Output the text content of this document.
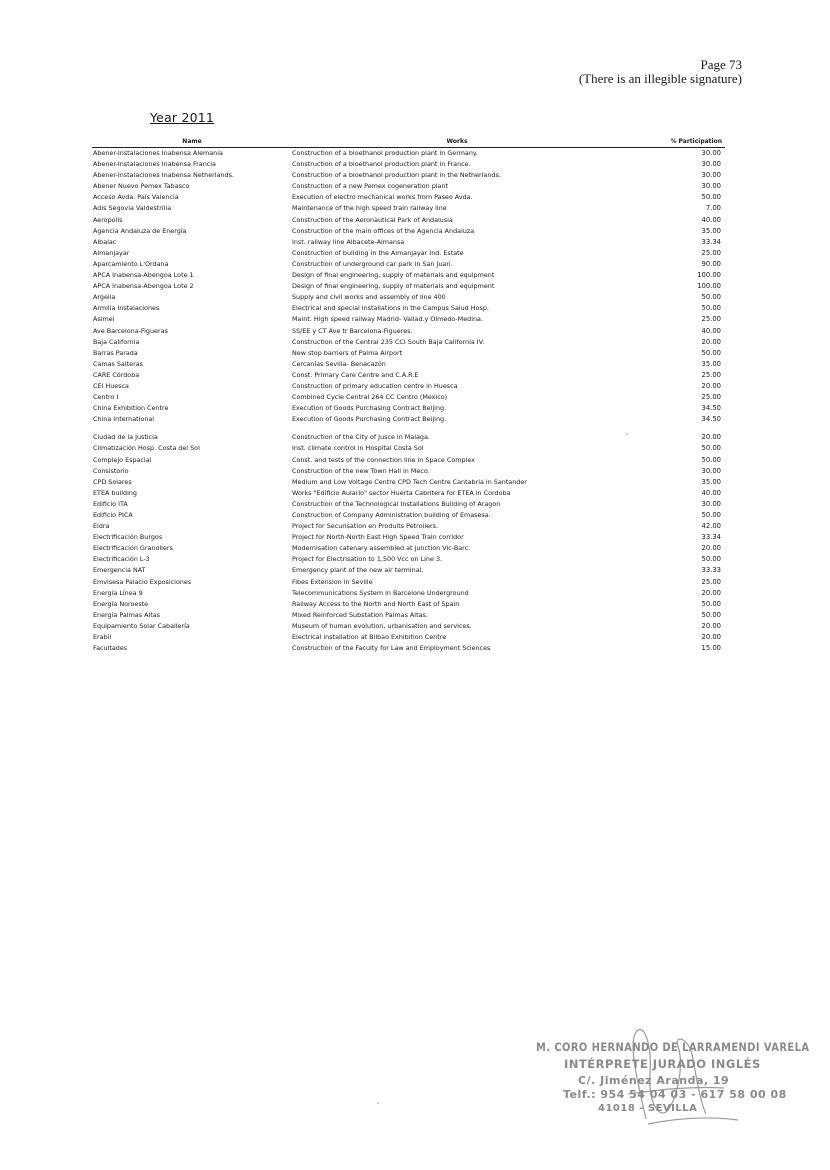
Page 73
(There is an illegible signature)
Year 2011
Name	Works	% Participation
Abener-Instalaciones Inabensa Alemania	Construction of a bioethanol production plant in Germany.	30.00
Abener-Instalaciones Inabensa Francia	Construction of a bioethanol production plant in France.	30.00
Abener-Instalaciones Inabensa Netherlands.	Construction of a bioethanol production plant in the Netherlands.	30.00
Abener Nuevo Pemex Tabasco	Construction of a new Pemex cogeneration plant	30.00
Acceso Avda. País Valencia	Execution of electro mechanical works from Paseo Avda.	50.00
Adis Segovia Valdestrilla	Maintenance of the high speed train railway line	7.00
Aeropolis	Construction of the Aeronautical Park of Andalusia	40.00
Agencia Andaluza de Energía	Construction of the main offices of the Agencia Andaluza	35.00
Albalac	Inst. railway line Albacete-Almansa	33.34
Almanjayar	Construction of building in the Almanjayar Ind. Estate	25.00
Aparcamiento L'Ordana	Construction of underground car park in San Juan.	90.00
APCA Inabensa-Abengoa Lote 1	Design of final engineering, supply of materials and equipment	100.00
APCA Inabensa-Abengoa Lote 2	Design of final engineering, supply of materials and equipment	100.00
Argelia	Supply and civil works and assembly of line 400	50.00
Armilla Instalaciones	Electrical and special installations in the Campus Salud Hosp.	50.00
Asimel	Maint. High speed railway Madrid- Vallad.y Olmedo-Medina.	25.00
Ave Barcelona-Figueras	SS/EE y CT Ave tr Barcelona-Figueres.	40.00
Baja California	Construction of the Central 235 CCI South Baja California IV.	20.00
Barras Parada	New stop barriers of Palma Airport	50.00
Camas Salteras	Cercanías Sevilla- Benacazón	35.00
CARE Córdoba	Const. Primary Care Centre and C.A.R.E	25.00
CEI Huesca	Construction of primary education centre in Huesca	20.00
Centro I	Combined Cycle Central 264 CC Centro (Mexico)	25.00
China Exhibition Centre	Execution of Goods Purchasing Contract Beijing.	34.50
China International	Execution of Goods Purchasing Contract Beijing.	34.50

Ciudad de la Justicia	Construction of the City of Jusce in Malaga.	20.00
Climatización Hosp. Costa del Sol	Inst. climate control in Hospital Costa Sol	50.00
Complejo Espacial	Const. and tests of the connection line in Space Complex	50.00
Consistorio	Construction of the new Town Hall in Meco.	30.00
CPD Solares	Medium and Low Voltage Centre CPD Tech Centre Cantabria in Santander	35.00
ETEA building	Works "Edificio Aulario" sector Huerta Cabritera for ETEA in Cordoba	40.00
Edificio ITA	Construction of the Technological Installations Building of Aragon	30.00
Edificio PICA	Construction of Company Administration building of Emasesa.	50.00
Eidra	Project for Securisation en Produits Petroliers.	42.00
Electrificación Burgos	Project for North-North East High Speed Train corridor	33.34
Electrificación Granollers	Modernisation catenary assembled at junction Vic-Barc.	20.00
Electrificación L-3	Project for Electrisation to 1,500 Vcc on Line 3.	50.00
Emergencia NAT	Emergency plant of the new air terminal.	33.33
Emvisesa Palacio Exposiciones	Fibes Extension in Seville	25.00
Energía Línea 9	Telecommunications System in Barcelone Underground	20.00
Energía Noroeste	Railway Access to the North and North East of Spain	50.00
Energía Palmas Altas	Mixed Reinforced Substation Palmas Altas.	50.00
Equipamiento Solar Caballería	Museum of human evolution, urbanisation and services.	20.00
Erabil	Electrical installation at Bilbao Exhibition Centre	20.00
Facultades	Construction of the Faculty for Law and Employment Sciences	15.00
M. CORO HERNANDO DE LARRAMENDI VARELA
INTÉRPRETE JURADO INGLÉS
C/. Jiménez Aranda, 19
Telf.: 954 54 04 03 - 617 58 00 08
41018 - SEVILLA
